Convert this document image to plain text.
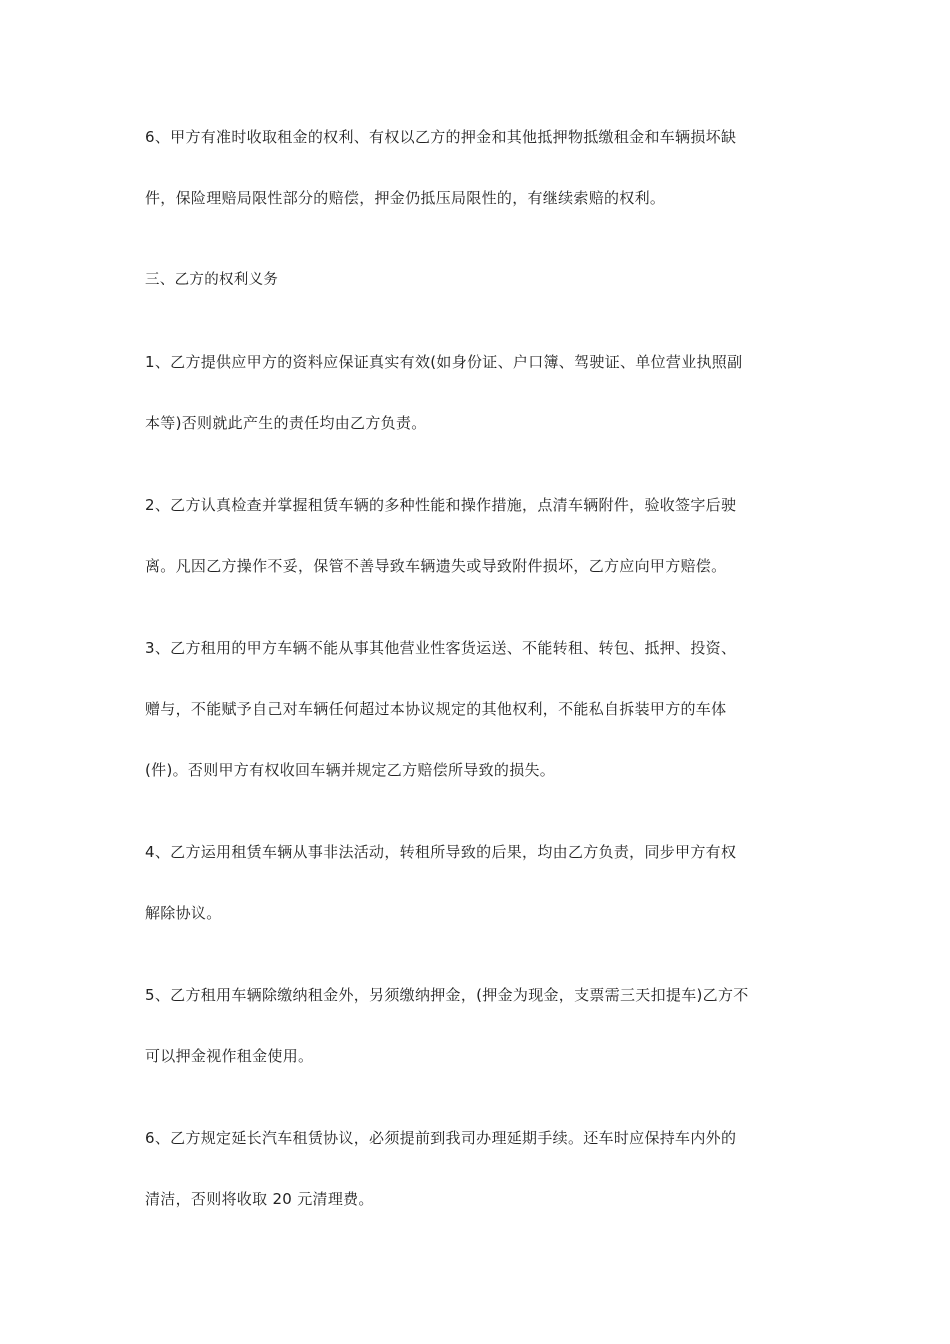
6、甲方有准时收取租金的权利、有权以乙方的押金和其他抵押物抵缴租金和车辆损坏缺
件，保险理赔局限性部分的赔偿，押金仍抵压局限性的，有继续索赔的权利。

三、乙方的权利义务

1、乙方提供应甲方的资料应保证真实有效(如身份证、户口簿、驾驶证、单位营业执照副
本等)否则就此产生的责任均由乙方负责。

2、乙方认真检查并掌握租赁车辆的多种性能和操作措施，点清车辆附件，验收签字后驶
离。凡因乙方操作不妥，保管不善导致车辆遗失或导致附件损坏，乙方应向甲方赔偿。

3、乙方租用的甲方车辆不能从事其他营业性客货运送、不能转租、转包、抵押、投资、
赠与，不能赋予自己对车辆任何超过本协议规定的其他权利，不能私自拆装甲方的车体
(件)。否则甲方有权收回车辆并规定乙方赔偿所导致的损失。

4、乙方运用租赁车辆从事非法活动，转租所导致的后果，均由乙方负责，同步甲方有权
解除协议。

5、乙方租用车辆除缴纳租金外，另须缴纳押金，(押金为现金，支票需三天扣提车)乙方不
可以押金视作租金使用。

6、乙方规定延长汽车租赁协议，必须提前到我司办理延期手续。还车时应保持车内外的
清洁，否则将收取 20 元清理费。
